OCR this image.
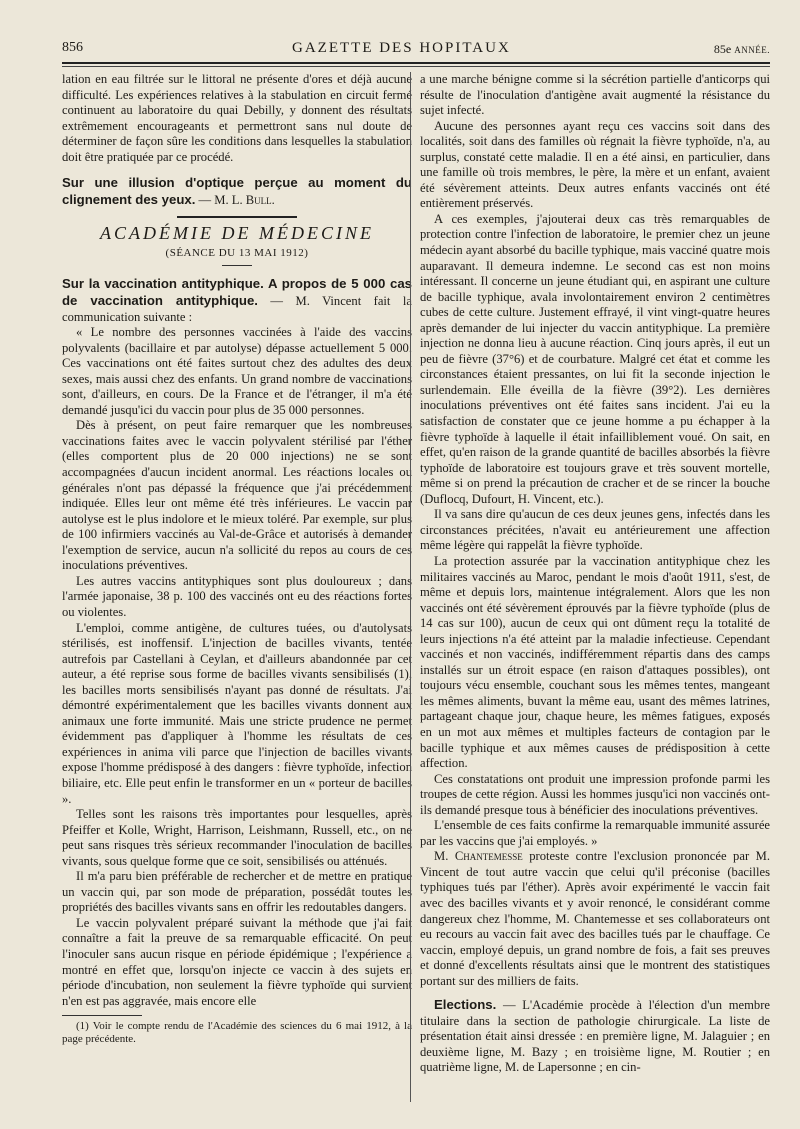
856	GAZETTE DES HOPITAUX	85e ANNÉE.

lation en eau filtrée sur le littoral ne présente d'ores et déjà aucune difficulté. Les expériences relatives à la stabulation en circuit fermé continuent au laboratoire du quai Debilly, y donnent des résultats extrêmement encourageants et permettront sans nul doute de déterminer de façon sûre les conditions dans lesquelles la stabulation doit être pratiquée par ce procédé.

Sur une illusion d'optique perçue au moment du clignement des yeux. — M. L. Bull.

ACADÉMIE DE MÉDECINE
(SÉANCE DU 13 MAI 1912)

Sur la vaccination antityphique. A propos de 5 000 cas de vaccination antityphique. — M. Vincent fait la communication suivante :

« Le nombre des personnes vaccinées à l'aide des vaccins polyvalents (bacillaire et par autolyse) dépasse actuellement 5 000. Ces vaccinations ont été faites surtout chez des adultes des deux sexes, mais aussi chez des enfants. Un grand nombre de vaccinations sont, d'ailleurs, en cours. De la France et de l'étranger, il m'a été demandé jusqu'ici du vaccin pour plus de 35 000 personnes.

Dès à présent, on peut faire remarquer que les nombreuses vaccinations faites avec le vaccin polyvalent stérilisé par l'éther (elles comportent plus de 20 000 injections) ne se sont accompagnées d'aucun incident anormal. Les réactions locales ou générales n'ont pas dépassé la fréquence que j'ai précédemment indiquée. Elles leur ont même été très inférieures. Le vaccin par autolyse est le plus indolore et le mieux toléré. Par exemple, sur plus de 100 infirmiers vaccinés au Val-de-Grâce et autorisés à demander l'exemption de service, aucun n'a sollicité du repos au cours de ces inoculations préventives.

Les autres vaccins antityphiques sont plus douloureux ; dans l'armée japonaise, 38 p. 100 des vaccinés ont eu des réactions fortes ou violentes.

L'emploi, comme antigène, de cultures tuées, ou d'autolysats stérilisés, est inoffensif. L'injection de bacilles vivants, tentée autrefois par Castellani à Ceylan, et d'ailleurs abandonnée par cet auteur, a été reprise sous forme de bacilles vivants sensibilisés (1), les bacilles morts sensibilisés n'ayant pas donné de résultats. J'ai démontré expérimentalement que les bacilles vivants donnent aux animaux une forte immunité. Mais une stricte prudence ne permet évidemment pas d'appliquer à l'homme les résultats de ces expériences in anima vili parce que l'injection de bacilles vivants expose l'homme prédisposé à des dangers : fièvre typhoïde, infection biliaire, etc. Elle peut enfin le transformer en un « porteur de bacilles ».

Telles sont les raisons très importantes pour lesquelles, après Pfeiffer et Kolle, Wright, Harrison, Leishmann, Russell, etc., on ne peut sans risques très sérieux recommander l'inoculation de bacilles vivants, sous quelque forme que ce soit, sensibilisés ou atténués.

Il m'a paru bien préférable de rechercher et de mettre en pratique un vaccin qui, par son mode de préparation, possédât toutes les propriétés des bacilles vivants sans en offrir les redoutables dangers.

Le vaccin polyvalent préparé suivant la méthode que j'ai fait connaître a fait la preuve de sa remarquable efficacité. On peut l'inoculer sans aucun risque en période épidémique ; l'expérience a montré en effet que, lorsqu'on injecte ce vaccin à des sujets en période d'incubation, non seulement la fièvre typhoïde qui survient n'en est pas aggravée, mais encore elle

(1) Voir le compte rendu de l'Académie des sciences du 6 mai 1912, à la page précédente.

a une marche bénigne comme si la sécrétion partielle d'anticorps qui résulte de l'inoculation d'antigène avait augmenté la résistance du sujet infecté.

Aucune des personnes ayant reçu ces vaccins soit dans des localités, soit dans des familles où régnait la fièvre typhoïde, n'a, au surplus, constaté cette maladie. Il en a été ainsi, en particulier, dans une famille où trois membres, le père, la mère et un enfant, avaient été sévèrement atteints. Deux autres enfants vaccinés ont été entièrement préservés.

A ces exemples, j'ajouterai deux cas très remarquables de protection contre l'infection de laboratoire, le premier chez un jeune médecin ayant absorbé du bacille typhique, mais vacciné quatre mois auparavant. Il demeura indemne. Le second cas est non moins intéressant. Il concerne un jeune étudiant qui, en aspirant une culture de bacille typhique, avala involontairement environ 2 centimètres cubes de cette culture. Justement effrayé, il vint vingt-quatre heures après demander de lui injecter du vaccin antityphique. La première injection ne donna lieu à aucune réaction. Cinq jours après, il eut un peu de fièvre (37°6) et de courbature. Malgré cet état et comme les circonstances étaient pressantes, on lui fit la seconde injection le surlendemain. Elle éveilla de la fièvre (39°2). Les dernières inoculations préventives ont été faites sans incident. J'ai eu la satisfaction de constater que ce jeune homme a pu échapper à la fièvre typhoïde à laquelle il était infailliblement voué. On sait, en effet, qu'en raison de la grande quantité de bacilles absorbés la fièvre typhoïde de laboratoire est toujours grave et très souvent mortelle, même si on prend la précaution de cracher et de se rincer la bouche (Duflocq, Dufourt, H. Vincent, etc.).

Il va sans dire qu'aucun de ces deux jeunes gens, infectés dans les circonstances précitées, n'avait eu antérieurement une affection même légère qui rappelât la fièvre typhoïde.

La protection assurée par la vaccination antityphique chez les militaires vaccinés au Maroc, pendant le mois d'août 1911, s'est, de même et depuis lors, maintenue intégralement. Alors que les non vaccinés ont été sévèrement éprouvés par la fièvre typhoïde (plus de 14 cas sur 100), aucun de ceux qui ont dûment reçu la totalité de leurs injections n'a été atteint par la maladie infectieuse. Cependant vaccinés et non vaccinés, indifféremment répartis dans des camps installés sur un étroit espace (en raison d'attaques possibles), ont toujours vécu ensemble, couchant sous les mêmes tentes, mangeant les mêmes aliments, buvant la même eau, usant des mêmes latrines, partageant chaque jour, chaque heure, les mêmes fatigues, exposés en un mot aux mêmes et multiples facteurs de contagion par le bacille typhique et aux mêmes causes de prédisposition à cette affection.

Ces constatations ont produit une impression profonde parmi les troupes de cette région. Aussi les hommes jusqu'ici non vaccinés ont-ils demandé presque tous à bénéficier des inoculations préventives.

L'ensemble de ces faits confirme la remarquable immunité assurée par les vaccins que j'ai employés. »

M. Chantemesse proteste contre l'exclusion prononcée par M. Vincent de tout autre vaccin que celui qu'il préconise (bacilles typhiques tués par l'éther). Après avoir expérimenté le vaccin fait avec des bacilles vivants et y avoir renoncé, le considérant comme dangereux chez l'homme, M. Chantemesse et ses collaborateurs ont eu recours au vaccin fait avec des bacilles tués par le chauffage. Ce vaccin, employé depuis, un grand nombre de fois, a fait ses preuves et donné d'excellents résultats ainsi que le montrent des statistiques portant sur des milliers de faits.

Elections. — L'Académie procède à l'élection d'un membre titulaire dans la section de pathologie chirurgicale. La liste de présentation était ainsi dressée : en première ligne, M. Jalaguier ; en deuxième ligne, M. Bazy ; en troisième ligne, M. Routier ; en quatrième ligne, M. de Lapersonne ; en cin-
